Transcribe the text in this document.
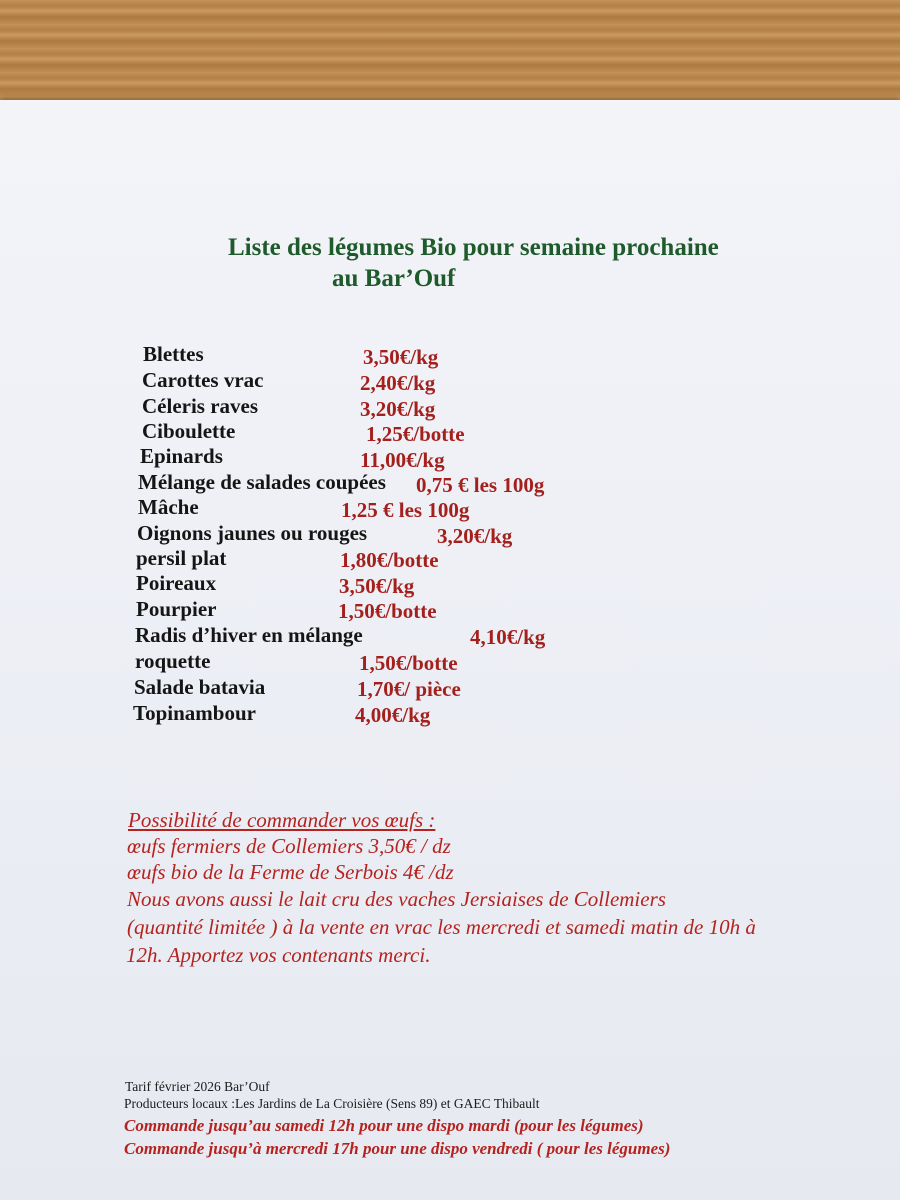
Liste des légumes Bio pour semaine prochaine
au Bar’Ouf
Blettes	3,50€/kg
Carottes vrac	2,40€/kg
Céleris raves	3,20€/kg
Ciboulette	1,25€/botte
Epinards	11,00€/kg
Mélange de salades coupées 0,75 € les 100g
Mâche	1,25 € les 100g
Oignons jaunes ou rouges	3,20€/kg
persil plat	1,80€/botte
Poireaux	3,50€/kg
Pourpier	1,50€/botte
Radis d’hiver en mélange	4,10€/kg
roquette	1,50€/botte
Salade batavia	1,70€/ pièce
Topinambour	4,00€/kg
Possibilité de commander vos œufs :
œufs fermiers de Collemiers 3,50€ / dz
œufs bio de la Ferme de Serbois 4€ /dz
Nous avons aussi le lait cru des vaches Jersiaises de Collemiers
(quantité limitée ) à la vente en vrac les mercredi et samedi matin de 10h à
12h. Apportez vos contenants merci.
Tarif février 2026 Bar’Ouf
Producteurs locaux :Les Jardins de La Croisière (Sens 89) et GAEC Thibault
Commande jusqu’au samedi 12h pour une dispo mardi (pour les légumes)
Commande jusqu’à mercredi 17h pour une dispo vendredi ( pour les légumes)
